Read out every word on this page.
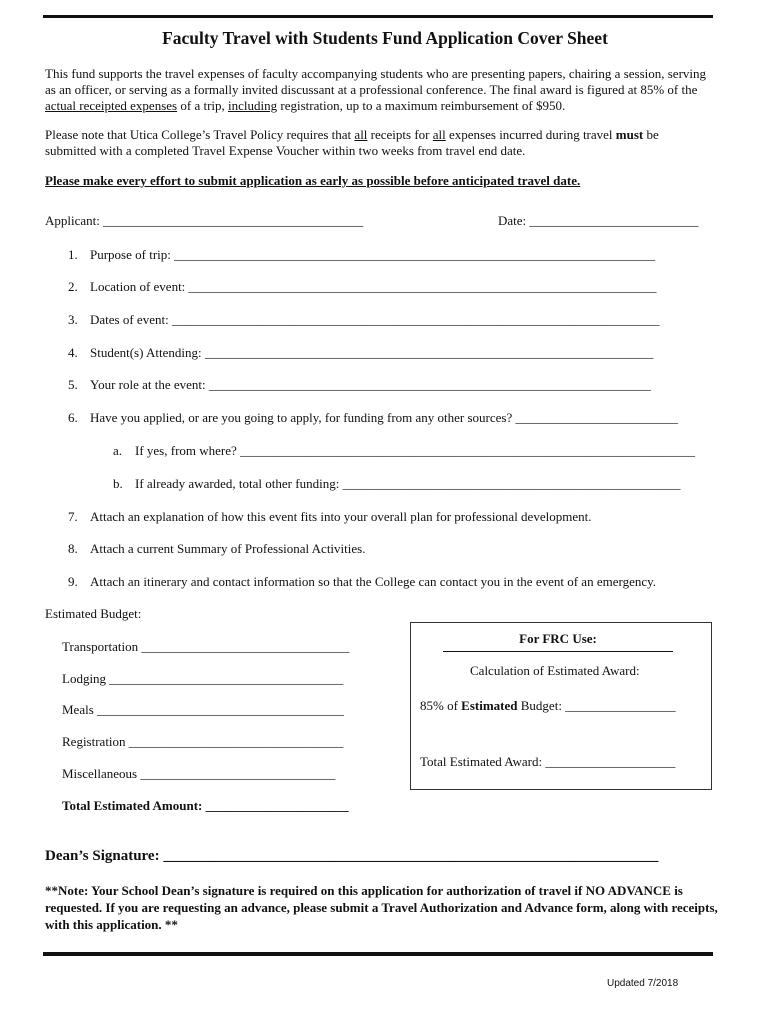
Faculty Travel with Students Fund Application Cover Sheet
This fund supports the travel expenses of faculty accompanying students who are presenting papers, chairing a session, serving as an officer, or serving as a formally invited discussant at a professional conference. The final award is figured at 85% of the actual receipted expenses of a trip, including registration, up to a maximum reimbursement of $950.
Please note that Utica College’s Travel Policy requires that all receipts for all expenses incurred during travel must be submitted with a completed Travel Expense Voucher within two weeks from travel end date.
Please make every effort to submit application as early as possible before anticipated travel date.
Applicant: ________________________________________	Date: __________________________
1. Purpose of trip: __________________________________________________________________________
2. Location of event: ________________________________________________________________________
3. Dates of event: ___________________________________________________________________________
4. Student(s) Attending: _____________________________________________________________________
5. Your role at the event: ____________________________________________________________________
6. Have you applied, or are you going to apply, for funding from any other sources? _________________________
a. If yes, from where? ______________________________________________________________________
b. If already awarded, total other funding: ____________________________________________________
7. Attach an explanation of how this event fits into your overall plan for professional development.
8. Attach a current Summary of Professional Activities.
9. Attach an itinerary and contact information so that the College can contact you in the event of an emergency.
Estimated Budget:
Transportation ________________________________
Lodging ____________________________________
Meals ______________________________________
Registration _________________________________
Miscellaneous ______________________________
Total Estimated Amount: ______________________
For FRC Use:
Calculation of Estimated Award:
85% of Estimated Budget: _________________
Total Estimated Award: ____________________
Dean’s Signature: __________________________________________________________________
**Note: Your School Dean’s signature is required on this application for authorization of travel if NO ADVANCE is requested. If you are requesting an advance, please submit a Travel Authorization and Advance form, along with receipts, with this application. **
Updated 7/2018
